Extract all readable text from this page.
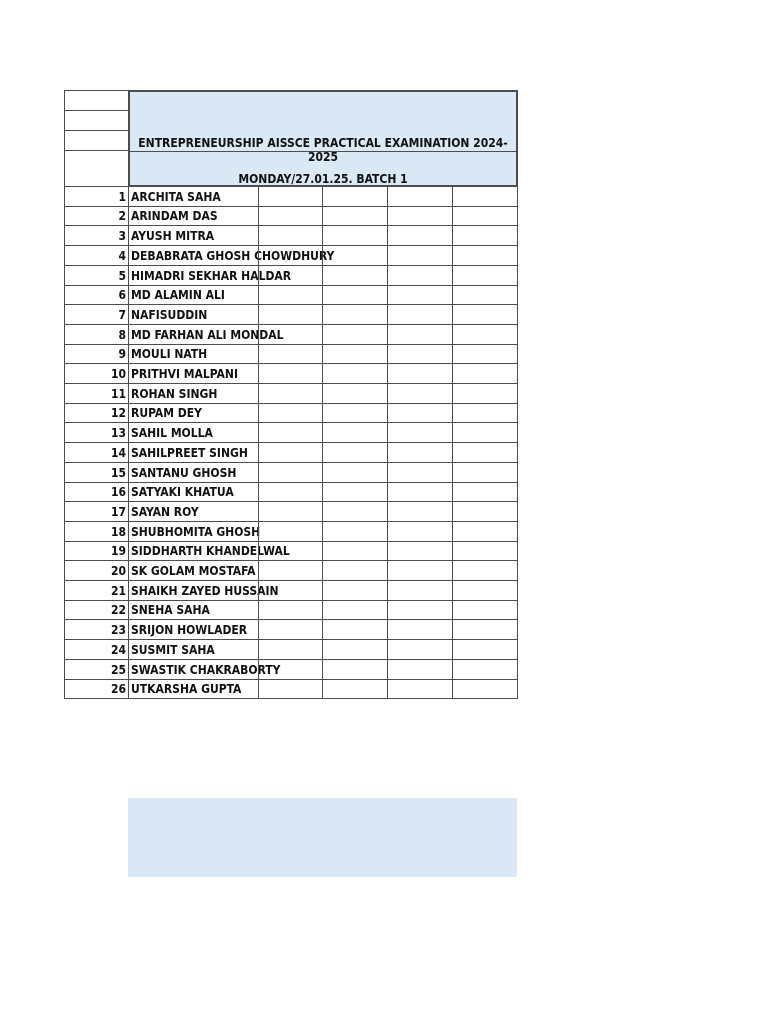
ENTREPRENEURSHIP AISSCE PRACTICAL EXAMINATION 2024-2025
MONDAY/27.01.25. BATCH 1
1 ARCHITA SAHA
2 ARINDAM DAS
3 AYUSH MITRA
4 DEBABRATA GHOSH CHOWDHURY
5 HIMADRI SEKHAR HALDAR
6 MD ALAMIN ALI
7 NAFISUDDIN
8 MD FARHAN ALI MONDAL
9 MOULI NATH
10 PRITHVI MALPANI
11 ROHAN SINGH
12 RUPAM DEY
13 SAHIL MOLLA
14 SAHILPREET SINGH
15 SANTANU GHOSH
16 SATYAKI KHATUA
17 SAYAN ROY
18 SHUBHOMITA GHOSH
19 SIDDHARTH KHANDELWAL
20 SK GOLAM MOSTAFA
21 SHAIKH ZAYED HUSSAIN
22 SNEHA SAHA
23 SRIJON HOWLADER
24 SUSMIT SAHA
25 SWASTIK CHAKRABORTY
26 UTKARSHA GUPTA
